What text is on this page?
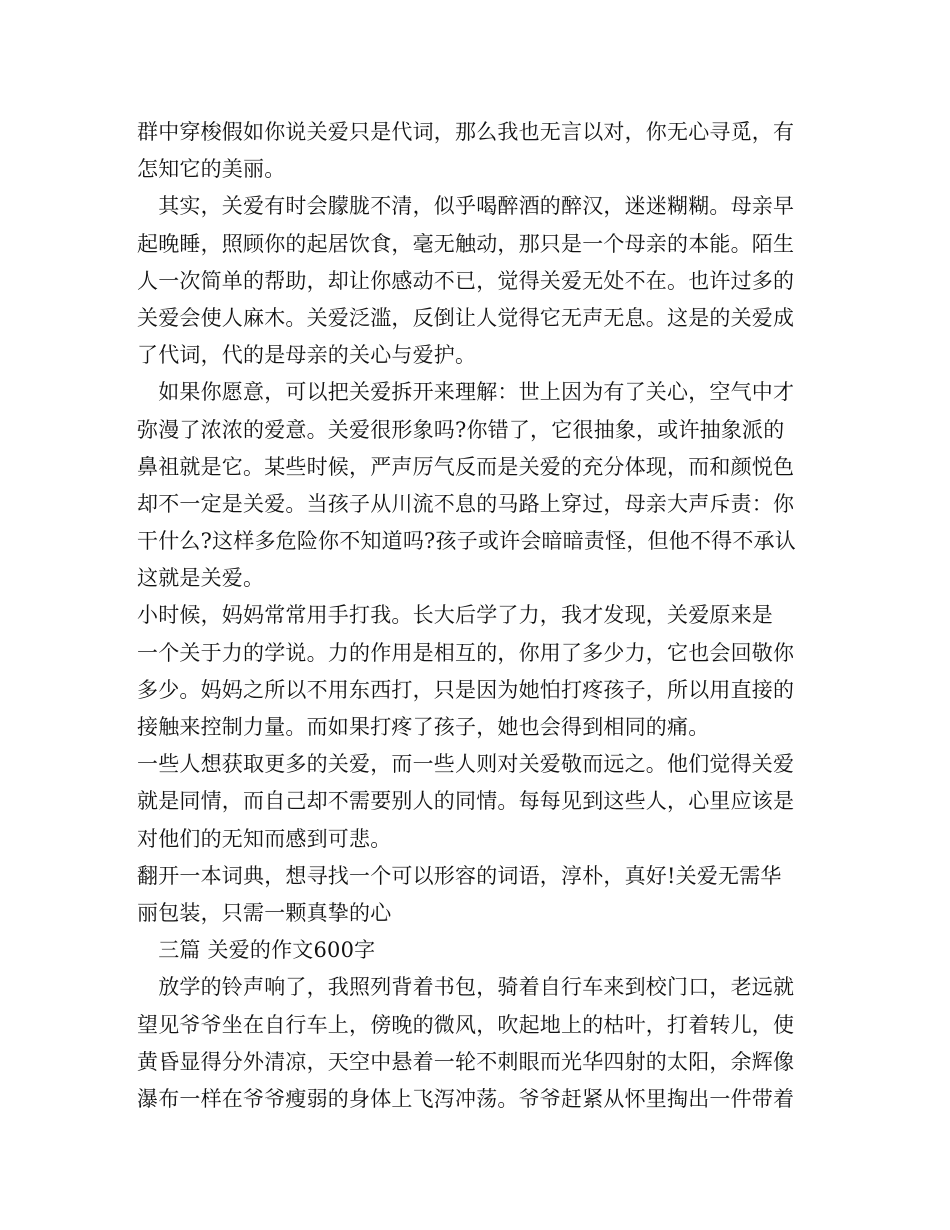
群中穿梭假如你说关爱只是代词，那么我也无言以对，你无心寻觅，有
怎知它的美丽。
　其实，关爱有时会朦胧不清，似乎喝醉酒的醉汉，迷迷糊糊。母亲早
起晚睡，照顾你的起居饮食，毫无触动，那只是一个母亲的本能。陌生
人一次简单的帮助，却让你感动不已，觉得关爱无处不在。也许过多的
关爱会使人麻木。关爱泛滥，反倒让人觉得它无声无息。这是的关爱成
了代词，代的是母亲的关心与爱护。
　如果你愿意，可以把关爱拆开来理解：世上因为有了关心，空气中才
弥漫了浓浓的爱意。关爱很形象吗?你错了，它很抽象，或许抽象派的
鼻祖就是它。某些时候，严声厉气反而是关爱的充分体现，而和颜悦色
却不一定是关爱。当孩子从川流不息的马路上穿过，母亲大声斥责：你
干什么?这样多危险你不知道吗?孩子或许会暗暗责怪，但他不得不承认
这就是关爱。
小时候，妈妈常常用手打我。长大后学了力，我才发现，关爱原来是
一个关于力的学说。力的作用是相互的，你用了多少力，它也会回敬你
多少。妈妈之所以不用东西打，只是因为她怕打疼孩子，所以用直接的
接触来控制力量。而如果打疼了孩子，她也会得到相同的痛。
一些人想获取更多的关爱，而一些人则对关爱敬而远之。他们觉得关爱
就是同情，而自己却不需要别人的同情。每每见到这些人，心里应该是
对他们的无知而感到可悲。
翻开一本词典，想寻找一个可以形容的词语，淳朴，真好!关爱无需华
丽包装，只需一颗真挚的心
　三篇 关爱的作文600字
　放学的铃声响了，我照列背着书包，骑着自行车来到校门口，老远就
望见爷爷坐在自行车上，傍晚的微风，吹起地上的枯叶，打着转儿，使
黄昏显得分外清凉，天空中悬着一轮不刺眼而光华四射的太阳，余辉像
瀑布一样在爷爷瘦弱的身体上飞泻冲荡。爷爷赶紧从怀里掏出一件带着
